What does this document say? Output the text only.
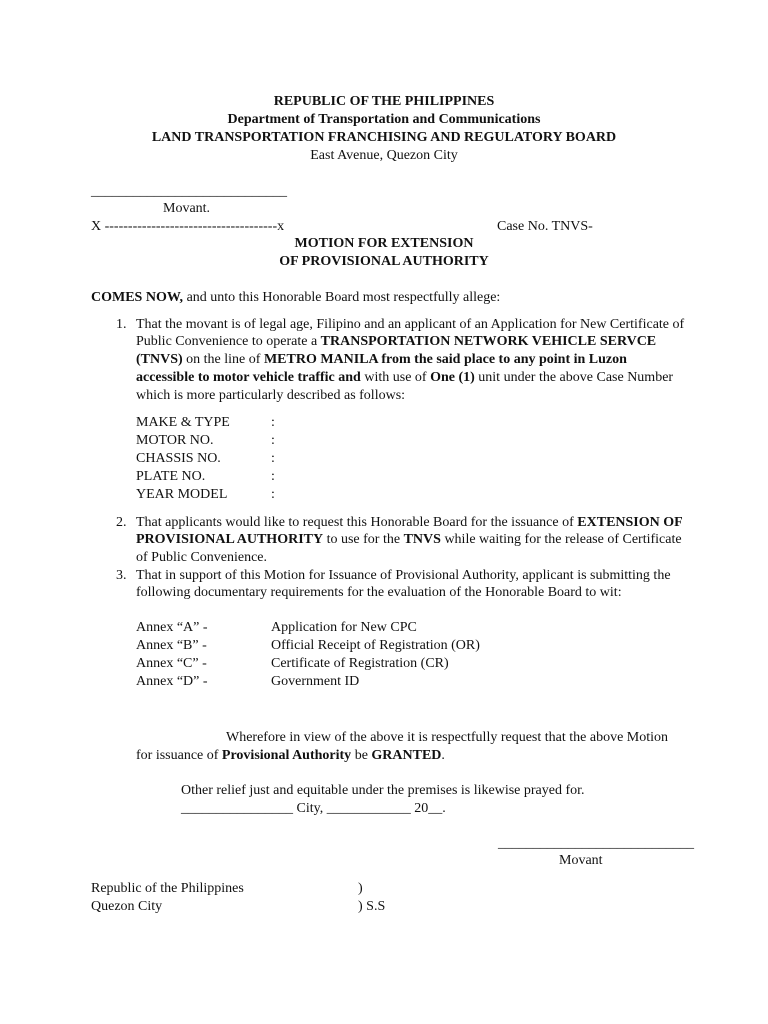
REPUBLIC OF THE PHILIPPINES
Department of Transportation and Communications
LAND TRANSPORTATION FRANCHISING AND REGULATORY BOARD
East Avenue, Quezon City
____________________________
Movant.
X -------------------------------------x	Case No. TNVS-
MOTION FOR EXTENSION
OF PROVISIONAL AUTHORITY
COMES NOW, and unto this Honorable Board most respectfully allege:
1. That the movant is of legal age, Filipino and an applicant of an Application for New Certificate of
Public Convenience to operate a TRANSPORTATION NETWORK VEHICLE SERVCE
(TNVS) on the line of METRO MANILA from the said place to any point in Luzon
accessible to motor vehicle traffic and with use of One (1) unit under the above Case Number
which is more particularly described as follows:
MAKE & TYPE	:
MOTOR NO.	:
CHASSIS NO.	:
PLATE NO.	:
YEAR MODEL	:
2. That applicants would like to request this Honorable Board for the issuance of EXTENSION OF
PROVISIONAL AUTHORITY to use for the TNVS while waiting for the release of Certificate
of Public Convenience.
3. That in support of this Motion for Issuance of Provisional Authority, applicant is submitting the
following documentary requirements for the evaluation of the Honorable Board to wit:
Annex “A” -	Application for New CPC
Annex “B” -	Official Receipt of Registration (OR)
Annex “C” -	Certificate of Registration (CR)
Annex “D” -	Government ID
Wherefore in view of the above it is respectfully request that the above Motion
for issuance of Provisional Authority be GRANTED.
Other relief just and equitable under the premises is likewise prayed for.
________________ City, ____________ 20__.
____________________________
Movant
Republic of the Philippines	)
Quezon City	) S.S
